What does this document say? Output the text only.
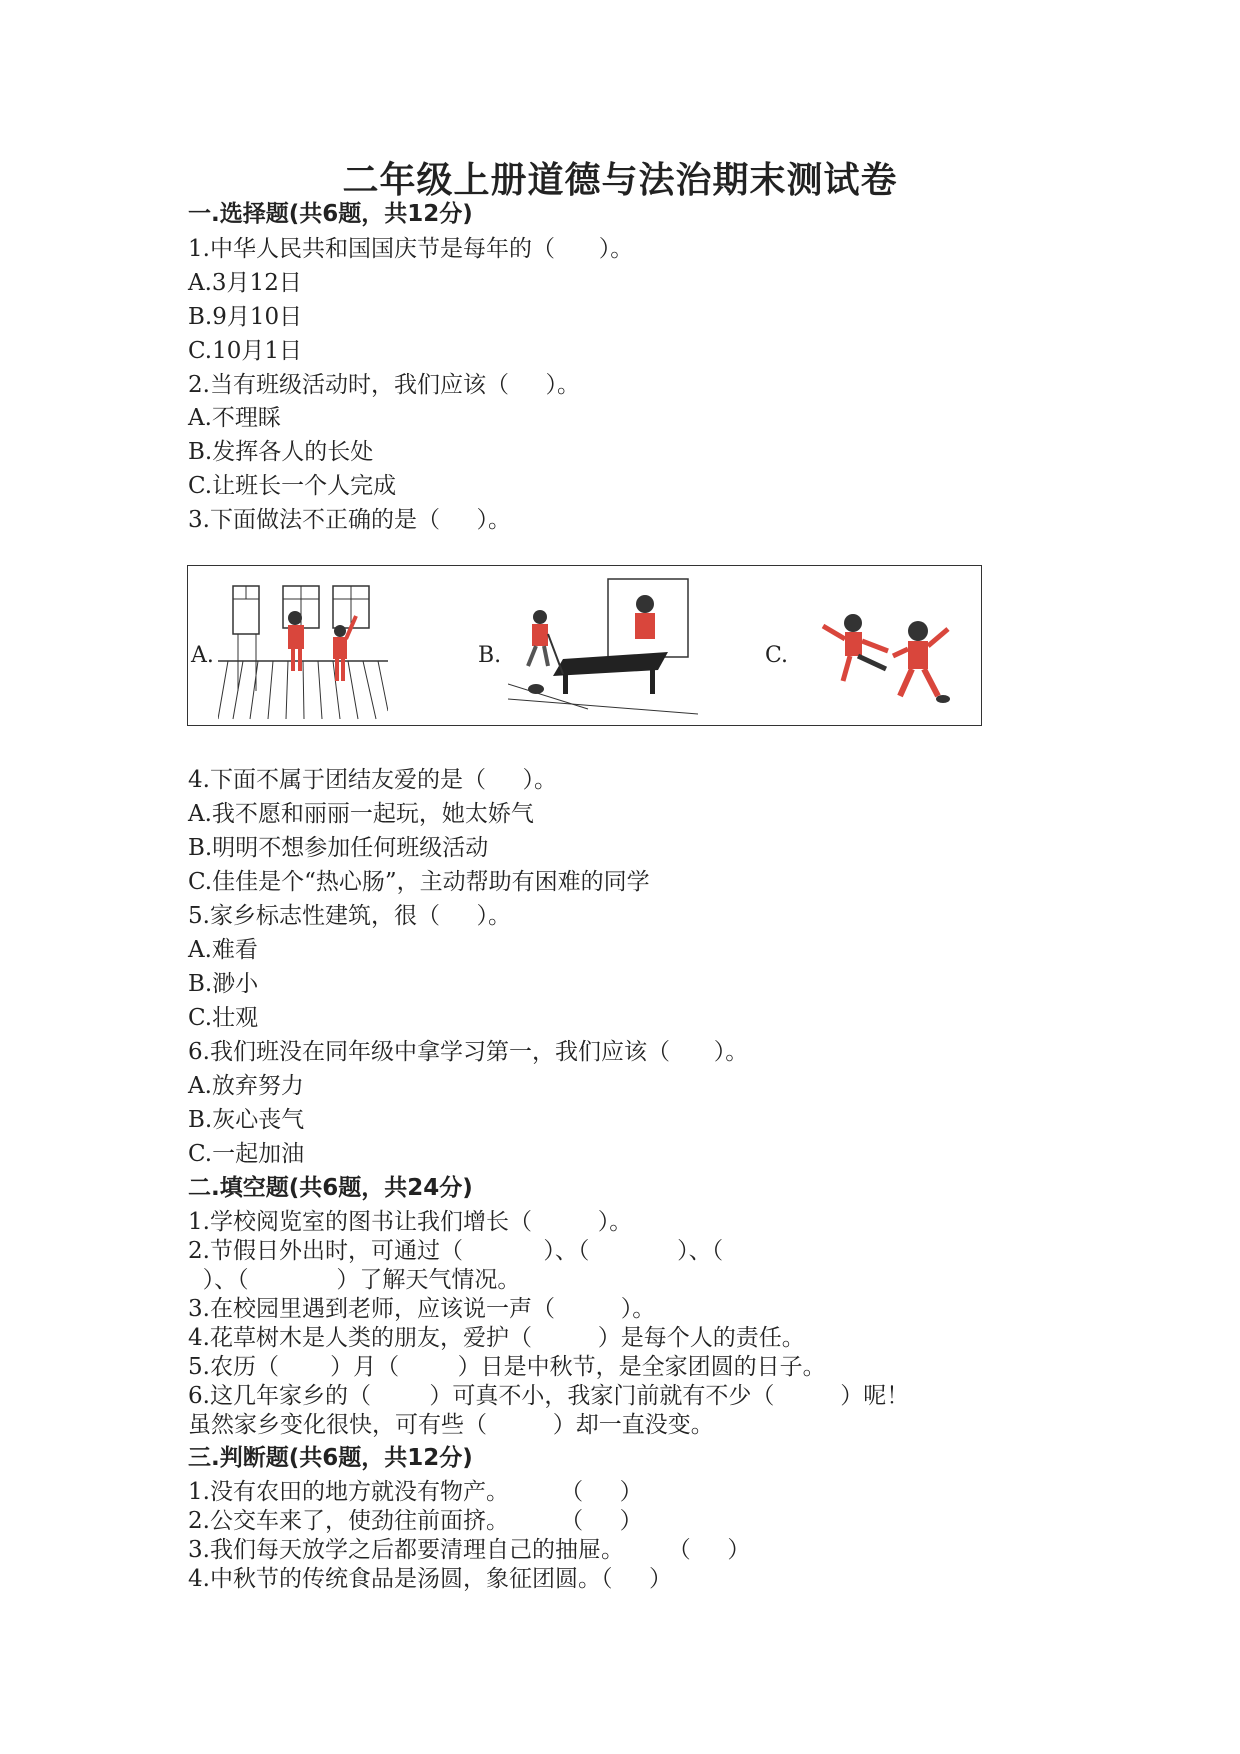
二年级上册道德与法治期末测试卷
一.选择题(共6题，共12分)
1.中华人民共和国国庆节是每年的（      ）。
A.3月12日
B.9月10日
C.10月1日
2.当有班级活动时，我们应该（     ）。
A.不理睬
B.发挥各人的长处
C.让班长一个人完成
3.下面做法不正确的是（     ）。
A.	B.	C.
4.下面不属于团结友爱的是（     ）。
A.我不愿和丽丽一起玩，她太娇气
B.明明不想参加任何班级活动
C.佳佳是个“热心肠”，主动帮助有困难的同学
5.家乡标志性建筑，很（     ）。
A.难看
B.渺小
C.壮观
6.我们班没在同年级中拿学习第一，我们应该（      ）。
A.放弃努力
B.灰心丧气
C.一起加油
二.填空题(共6题，共24分)
1.学校阅览室的图书让我们增长（         ）。
2.节假日外出时，可通过（           ）、（            ）、（
）、（            ）了解天气情况。
3.在校园里遇到老师，应该说一声（         ）。
4.花草树木是人类的朋友，爱护（         ）是每个人的责任。
5.农历（       ）月（        ）日是中秋节，是全家团圆的日子。
6.这几年家乡的（        ）可真不小，我家门前就有不少（         ）呢！
虽然家乡变化很快，可有些（         ）却一直没变。
三.判断题(共6题，共12分)
1.没有农田的地方就没有物产。       （     ）
2.公交车来了，使劲往前面挤。       （     ）
3.我们每天放学之后都要清理自己的抽屉。      （     ）
4.中秋节的传统食品是汤圆，象征团圆。（     ）
